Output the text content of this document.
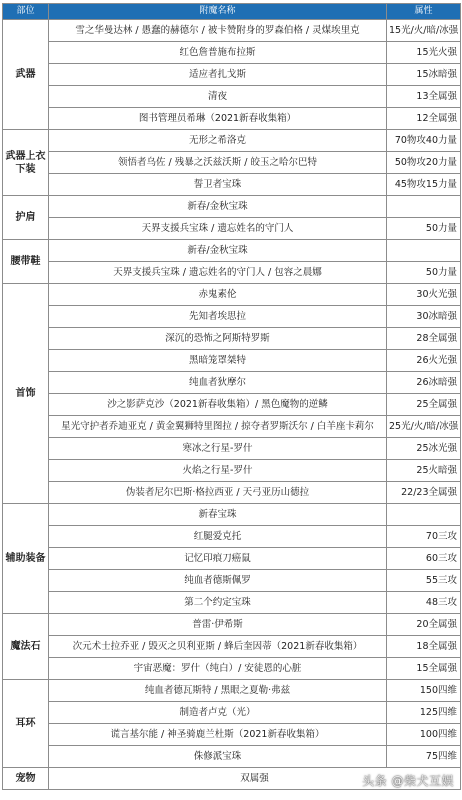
部位	附魔名称	属性
武器	雪之华曼达林 / 愚蠢的赫德尔 / 被卡赞附身的罗森伯格 / 灵煤埃里克	15光/火/暗/冰强
	红色詹普施布拉斯	15光火强
	适应者扎戈斯	15冰暗强
	清夜	13全属强
	图书管理员希琳（2021新春收集箱）	12全属强
武器上衣下装	无形之希洛克	70物攻40力量
	领悟者乌佐 / 残暴之沃兹沃斯 / 皎玉之哈尔巴特	50物攻20力量
	誓卫者宝珠	45物攻15力量
护肩	新春/金秋宝珠	
	天界支援兵宝珠 / 遗忘姓名的守门人	50力量
腰带鞋	新春/金秋宝珠	
	天界支援兵宝珠 / 遗忘姓名的守门人 / 包容之晨娜	50力量
首饰	赤鬼素伦	30火光强
	先知者埃思拉	30冰暗强
	深沉的恐怖之阿斯特罗斯	28全属强
	黑暗笼罩桀特	26火光强
	纯血者狄摩尔	26冰暗强
	沙之影萨克沙（2021新春收集箱）/ 黑色魔物的逆鳞	25全属强
	星光守护者乔迪亚克 / 黄金翼狮特里图拉 / 掠夺者罗斯沃尔 / 白羊座卡莉尔	25光/火/暗/冰强
	寒冰之行星-罗什	25冰光强
	火焰之行星-罗什	25火暗强
	伪装者尼尔巴斯·格拉西亚 / 天弓亚历山德拉	22/23全属强
辅助装备	新春宝珠	
	红腿爱克托	70三攻
	记忆印痕刀癌鼠	60三攻
	纯血者德斯佩罗	55三攻
	第二个约定宝珠	48三攻
魔法石	普雷·伊希斯	20全属强
	次元术士拉乔亚 / 毁灭之贝利亚斯 / 蜂后奎因蒂（2021新春收集箱）	18全属强
	宇宙恶魔：罗什（纯白）/ 安徒恩的心脏	15全属强
耳环	纯血者德瓦斯特 / 黑眼之夏勒·弗兹	150四维
	制造者卢克（光）	125四维
	谎言基尔能 / 神圣骑鹿兰杜斯（2021新春收集箱）	100四维
	侏修派宝珠	75四维
宠物	双属强		头条 @柴犬互娱
